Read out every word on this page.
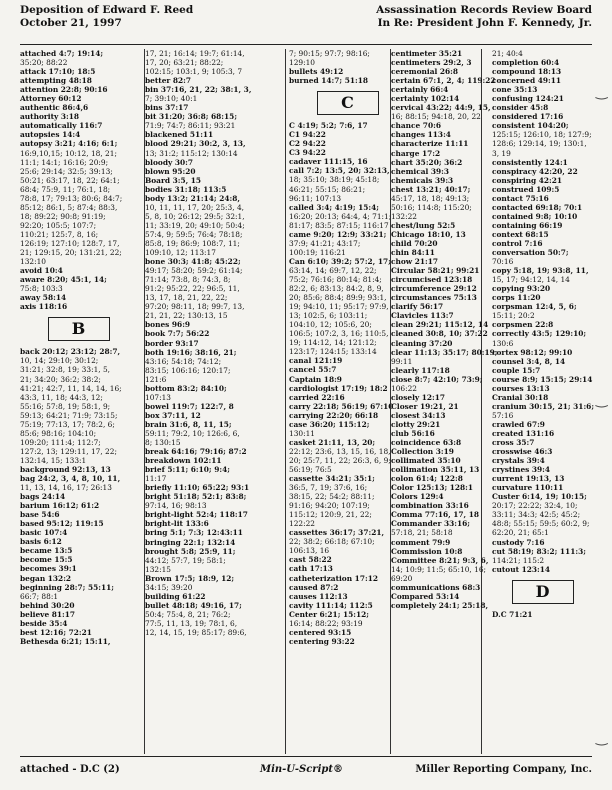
Deposition of Edward F. Reed
October 21, 1997
Assassination Records Review Board
In Re: President John F. Kennedy, Jr.
attached 4:7; 19:14;
35:20; 88:22
attack 17:10; 18:5
attempting 48:18
attention 22:8; 90:16
Attorney 60:12
authentic 86:4,6
authority 3:18
automatically 116:7
autopsies 14:4
autopsy 3:21; 4:16; 6:1;
16:9,10,15; 10:12, 18, 21;
11:1; 14:1; 16:16; 20:9;
25:6; 29:14; 32:5; 39:13;
50:21; 63:17, 18, 22; 64:1;
68:4; 75:9, 11; 76:1, 18;
78:8, 17; 79:13; 80:6; 84:7;
85:12; 86:1, 5; 87:4; 88:3,
18; 89:22; 90:8; 91:19;
92:20; 105:5; 107:7;
110:21; 125:7, 8, 16;
126:19; 127:10; 128:7, 17,
21; 129:15, 20; 131:21, 22;
132:10
avoid 10:4
aware 8:20; 45:1, 14;
75:8; 103:3
away 58:14
axis 118:16
B
back 20:12; 23:12; 28:7,
10, 14; 29:10; 30:12;
31:21; 32:8, 19; 33:1, 5,
21; 34:20; 36:2; 38:2;
41:21; 42:7, 11, 14, 14, 16;
43:3, 11, 18; 44:3, 12;
55:16; 57:8, 19; 58:1, 9;
59:13; 64:21; 71:9; 73:15;
75:19; 77:13, 17; 78:2, 6;
85:6; 98:16; 104:10;
109:20; 111:4; 112:7;
127:2, 13; 129:11, 17, 22;
132:14, 15; 133:1
background 92:13, 13
bag 24:2, 3, 4, 8, 10, 11,
11, 13, 14, 16, 17; 26:13
bags 24:14
barium 16:12; 61:2
base 54:6
based 95:12; 119:15
basic 107:4
basis 6:12
became 13:5
become 15:5
becomes 39:1
began 132:2
beginning 28:7; 55:11;
66:7; 88:1
behind 30:20
believe 81:17
beside 35:4
best 12:16; 72:21
Bethesda 6:21; 15:11,
17, 21; 16:14; 19:7; 61:14,
17, 20; 63:21; 88:22;
102:15; 103:1, 9; 105:3, 7
better 82:7
bin 37:16, 21, 22; 38:1, 3,
7; 39:10; 40:1
bins 37:17
bit 31:20; 36:8; 68:15;
71:9; 74:7; 86:11; 93:21
blackened 51:11
blood 29:21; 30:2, 3, 13,
13; 31:2; 115:12; 130:14
bloody 30:7
blown 95:20
Board 3:5, 15
bodies 31:18; 113:5
body 13:2; 21:14; 24:8,
10, 11, 11, 17, 20; 25:3, 4,
5, 8, 10; 26:12; 29:5; 32:1,
11; 33:19, 20; 49:10; 50:4;
57:4, 9; 59:5; 76:4; 78:18;
85:8, 19; 86:9; 108:7, 11;
109:10, 12; 113:17
bone 30:3; 41:8; 45:22;
49:17; 58:20; 59:2; 61:14;
71:14; 73:8, 8; 74:3, 8;
91:2; 95:22, 22; 96:5, 11,
13, 17, 18, 21, 22, 22;
97:20; 98:11, 18; 99:7, 13,
21, 21, 22; 130:13, 15
bones 96:9
book 7:7; 56:22
border 93:17
both 19:16; 38:16, 21;
43:16; 54:18; 74:12;
83:15; 106:16; 120:17;
121:6
bottom 83:2; 84:10;
107:13
bowel 119:7; 122:7, 8
box 37:11, 12
brain 31:6, 8, 11, 15;
59:11; 79:2, 10; 126:6, 6,
8; 130:15
break 64:16; 79:16; 87:2
breakdown 102:11
brief 5:11; 6:10; 9:4;
11:17
briefly 11:10; 65:22; 93:1
bright 51:18; 52:1; 83:8;
97:14, 16; 98:13
bright-light 52:4; 118:17
bright-lit 133:6
bring 5:1; 7:3; 12:43:11
bringing 22:1; 132:14
brought 5:8; 25:9, 11;
44:12; 57:7, 19; 58:1;
132:15
Brown 17:5; 18:9, 12;
34:15; 39:20
building 61:22
bullet 48:18; 49:16, 17;
50:4; 75:4, 8, 21; 76:2;
77:5, 11, 13, 19; 78:1, 6,
12, 14, 15, 19; 85:17; 89:6,
7; 90:15; 97:7; 98:16;
129:10
bullets 49:12
burned 14:7; 51:18
C
C 4:19; 5:2; 7:6, 17
C1 94:22
C2 94:22
C3 94:22
cadaver 111:15, 16
call 7:2; 13:5, 20; 32:13,
18; 35:10; 38:19; 45:18;
46:21; 55:15; 86:21;
96:11; 107:13
called 3:4; 4:19; 15:4;
16:20; 20:13; 64:4, 4; 71:1;
81:17; 83:5; 87:15; 116:17
came 9:20; 12:9; 33:21;
37:9; 41:21; 43:17;
100:19; 116:21
Can 6:10; 39:2; 57:2, 17;
63:14, 14; 69:7, 12, 22;
75:2; 76:16; 80:14; 81:4;
82:2, 6; 83:13; 84:2, 8, 9,
20; 85:6; 88:4; 89:9; 93:1,
19; 94:10, 11; 95:17; 97:9,
13; 102:5, 6; 103:11;
104:10, 12; 105:6, 20;
106:5; 107:2, 3, 16; 110:5,
19; 114:12, 14; 121:12;
123:17; 124:15; 133:14
canal 121:19
cancel 55:7
Captain 18:9
cardiologist 17:19; 18:2
carried 22:16
carry 22:18; 56:19; 67:10
carrying 22:20; 66:18
case 36:20; 115:12;
130:11
casket 21:11, 13, 20;
22:12; 23:6, 13, 15, 16, 18,
20; 25:7, 11, 22; 26:3, 6, 9;
56:19; 76:5
cassette 34:21; 35:1;
36:5, 7, 19; 37:6, 16;
38:15, 22; 54:2; 88:11;
91:16; 94:20; 107:19;
115:12; 120:9, 21, 22;
122:22
cassettes 36:17; 37:21,
22; 38:2; 66:18; 67:10;
106:13, 16
cast 58:22
cath 17:13
catheterization 17:12
caused 87:2
causes 112:13
cavity 111:14; 112:5
Center 6:21; 15:12;
16:14; 88:22; 93:19
centered 93:15
centering 93:22
centimeter 35:21
centimeters 29:2, 3
ceremonial 26:8
certain 67:1, 2, 4; 119:22
certainly 66:4
certainty 102:14
cervical 43:22; 44:9, 15,
16; 88:15; 94:18, 20, 22
chance 70:6
changes 113:4
characterize 11:11
charge 17:2
chart 35:20; 36:2
chemical 39:3
chemicals 39:3
chest 13:21; 40:17;
45:17, 18, 18; 49:13;
50:16; 114:8; 115:20;
132:22
chest/lung 52:5
Chicago 18:10, 13
child 70:20
chin 84:11
chow 21:17
Circular 58:21; 99:21
circumcised 123:18
circumference 29:12
circumstances 75:13
clarify 56:17
Clavicles 113:7
clean 29:21; 115:12, 14
cleaned 30:8, 10; 37:22
cleaning 37:20
clear 11:13; 35:17; 80:19;
99:11
clearly 117:18
close 8:7; 42:10; 73:9;
106:22
closely 12:17
Closer 19:21, 21
closest 34:13
clotty 29:21
club 56:16
coincidence 63:8
Collection 3:19
collimated 35:10
collimation 35:11, 13
colon 61:4; 122:8
Color 125:13; 128:1
Colors 129:4
combination 33:16
Comma 77:16, 17, 18
Commander 33:16;
57:18, 21; 58:18
comment 79:9
Commission 10:8
Committee 8:21; 9:3, 6,
14; 10:9; 11:5; 65:10, 16;
69:20
communications 68:3
Compared 53:14
completely 24:1; 25:18,
21; 40:4
completion 60:4
compound 18:13
concerned 49:11
cone 35:13
confusing 124:21
consider 45:8
considered 17:16
consistent 104:20;
125:15; 126:10, 18; 127:9;
128:6; 129:14, 19; 130:1,
3, 19
consistently 124:1
conspiracy 42:20, 22
conspiring 42:21
construed 109:5
contact 75:16
contacted 69:18; 70:1
contained 9:8; 10:10
containing 66:19
context 68:15
control 7:16
conversation 50:7;
70:16
copy 5:18, 19; 93:8, 11,
15, 17; 94:12, 14, 14
copying 93:20
corps 11:20
corpsman 12:4, 5, 6;
15:11; 20:2
corpsmen 22:8
correctly 43:5; 129:10;
130:6
cortex 98:12; 99:10
counsel 3:4, 8, 14
couple 15:7
course 8:9; 15:15; 29:14
courses 13:13
Cranial 30:18
cranium 30:15, 21; 31:6;
57:16
crawled 67:9
created 131:16
cross 35:7
crosswise 46:3
crystals 39:4
crystines 39:4
current 19:13, 13
curvature 110:11
Custer 6:14, 19; 10:15;
20:17; 22:22; 32:4, 10;
33:11; 34:3; 42:5; 45:2;
48:8; 55:15; 59:5; 60:2, 9;
62:20, 21; 65:1
custody 7:16
cut 58:19; 83:2; 111:3;
114:21; 115:2
cutout 123:14
D
D.C 71:21
attached - D.C (2)	Min-U-Script®	Miller Reporting Company, Inc.
‿
‿
‿
